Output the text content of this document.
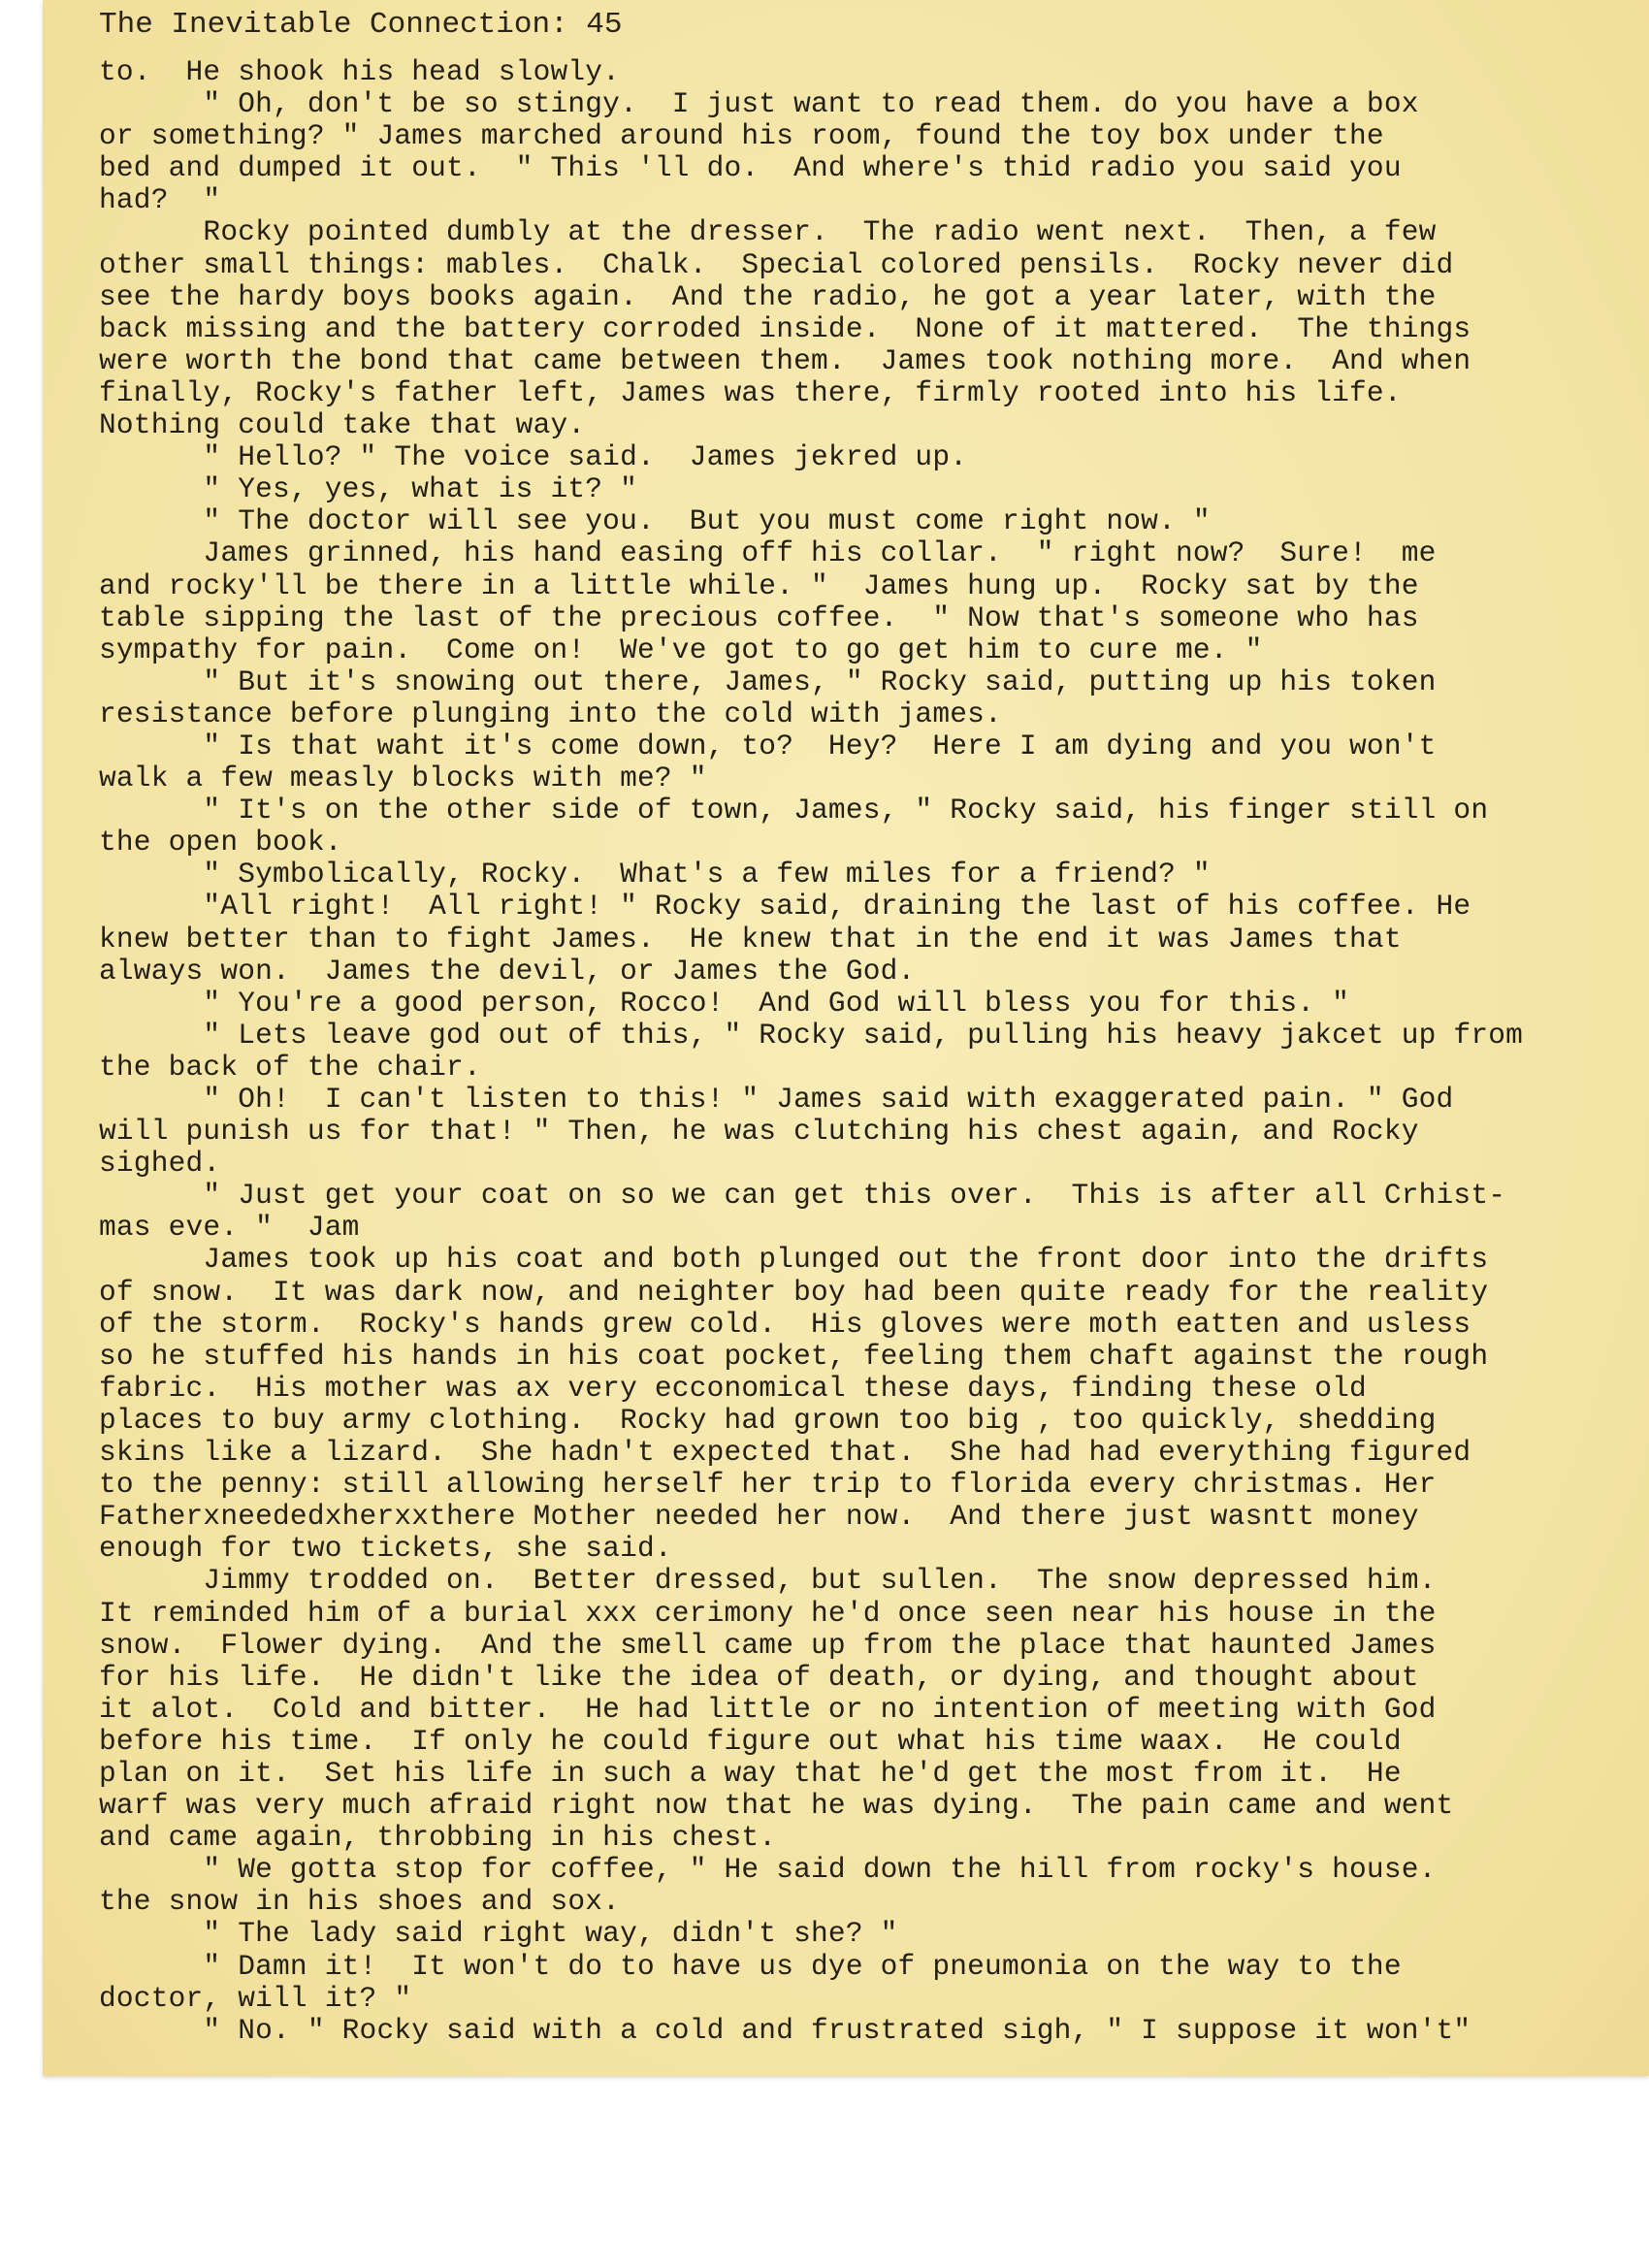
The Inevitable Connection: 45
to.  He shook his head slowly.
" Oh, don't be so stingy.  I just want to read them. do you have a box
or something? " James marched around his room, found the toy box under the
bed and dumped it out.  " This 'll do.  And where's thid radio you said you
had?  "
Rocky pointed dumbly at the dresser.  The radio went next.  Then, a few
other small things: mables.  Chalk.  Special colored pensils.  Rocky never did
see the hardy boys books again.  And the radio, he got a year later, with the
back missing and the battery corroded inside.  None of it mattered.  The things
were worth the bond that came between them.  James took nothing more.  And when
finally, Rocky's father left, James was there, firmly rooted into his life.
Nothing could take that way.
" Hello? " The voice said.  James jekred up.
" Yes, yes, what is it? "
" The doctor will see you.  But you must come right now. "
James grinned, his hand easing off his collar.  " right now?  Sure!  me
and rocky'll be there in a little while. "  James hung up.  Rocky sat by the
table sipping the last of the precious coffee.  " Now that's someone who has
sympathy for pain.  Come on!  We've got to go get him to cure me. "
" But it's snowing out there, James, " Rocky said, putting up his token
resistance before plunging into the cold with james.
" Is that waht it's come down, to?  Hey?  Here I am dying and you won't
walk a few measly blocks with me? "
" It's on the other side of town, James, " Rocky said, his finger still on
the open book.
" Symbolically, Rocky.  What's a few miles for a friend? "
"All right!  All right! " Rocky said, draining the last of his coffee. He
knew better than to fight James.  He knew that in the end it was James that
always won.  James the devil, or James the God.
" You're a good person, Rocco!  And God will bless you for this. "
" Lets leave god out of this, " Rocky said, pulling his heavy jakcet up from
the back of the chair.
" Oh!  I can't listen to this! " James said with exaggerated pain. " God
will punish us for that! " Then, he was clutching his chest again, and Rocky
sighed.
" Just get your coat on so we can get this over.  This is after all Crhist-
mas eve. "  Jam
James took up his coat and both plunged out the front door into the drifts
of snow.  It was dark now, and neighter boy had been quite ready for the reality
of the storm.  Rocky's hands grew cold.  His gloves were moth eatten and usless
so he stuffed his hands in his coat pocket, feeling them chaft against the rough
fabric.  His mother was ax very ecconomical these days, finding these old
places to buy army clothing.  Rocky had grown too big , too quickly, shedding
skins like a lizard.  She hadn't expected that.  She had had everything figured
to the penny: still allowing herself her trip to florida every christmas. Her
Fatherxneededxherxxthere Mother needed her now.  And there just wasntt money
enough for two tickets, she said.
Jimmy trodded on.  Better dressed, but sullen.  The snow depressed him.
It reminded him of a burial xxx cerimony he'd once seen near his house in the
snow.  Flower dying.  And the smell came up from the place that haunted James
for his life.  He didn't like the idea of death, or dying, and thought about
it alot.  Cold and bitter.  He had little or no intention of meeting with God
before his time.  If only he could figure out what his time waax.  He could
plan on it.  Set his life in such a way that he'd get the most from it.  He
warf was very much afraid right now that he was dying.  The pain came and went
and came again, throbbing in his chest.
" We gotta stop for coffee, " He said down the hill from rocky's house.
the snow in his shoes and sox.
" The lady said right way, didn't she? "
" Damn it!  It won't do to have us dye of pneumonia on the way to the
doctor, will it? "
" No. " Rocky said with a cold and frustrated sigh, " I suppose it won't"
